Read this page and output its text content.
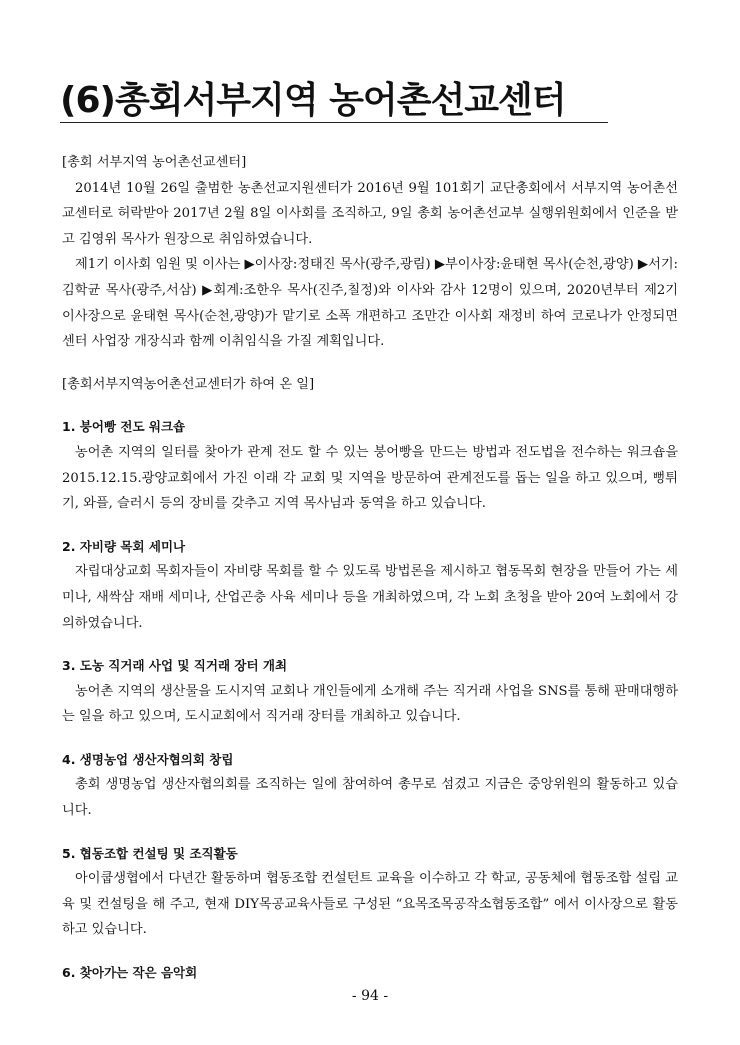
(6)총회서부지역 농어촌선교센터

[총회 서부지역 농어촌선교센터]

2014년 10월 26일 출범한 농촌선교지원센터가 2016년 9월 101회기 교단총회에서 서부지역 농어촌선교센터로 허락받아 2017년 2월 8일 이사회를 조직하고, 9일 총회 농어촌선교부 실행위원회에서 인준을 받고 김영위 목사가 원장으로 취임하였습니다.

제1기 이사회 임원 및 이사는 ▶이사장:정태진 목사(광주,광림) ▶부이사장:윤태현 목사(순천,광양) ▶서기:김학균 목사(광주,서삼) ▶회계:조한우 목사(진주,칠정)와 이사와 감사 12명이 있으며, 2020년부터 제2기 이사장으로 윤태현 목사(순천,광양)가 맡기로 소폭 개편하고 조만간 이사회 재정비 하여 코로나가 안정되면 센터 사업장 개장식과 함께 이취임식을 가질 계획입니다.

[총회서부지역농어촌선교센터가 하여 온 일]

1. 붕어빵 전도 워크숍

농어촌 지역의 일터를 찾아가 관계 전도 할 수 있는 붕어빵을 만드는 방법과 전도법을 전수하는 워크숍을 2015.12.15.광양교회에서 가진 이래 각 교회 및 지역을 방문하여 관계전도를 돕는 일을 하고 있으며, 뻥튀기, 와플, 슬러시 등의 장비를 갖추고 지역 목사님과 동역을 하고 있습니다.

2. 자비량 목회 세미나

자립대상교회 목회자들이 자비량 목회를 할 수 있도록 방법론을 제시하고 협동목회 현장을 만들어 가는 세미나, 새싹삼 재배 세미나, 산업곤충 사육 세미나 등을 개최하였으며, 각 노회 초청을 받아 20여 노회에서 강의하였습니다.

3. 도농 직거래 사업 및 직거래 장터 개최

농어촌 지역의 생산물을 도시지역 교회나 개인들에게 소개해 주는 직거래 사업을 SNS를 통해 판매대행하는 일을 하고 있으며, 도시교회에서 직거래 장터를 개최하고 있습니다.

4. 생명농업 생산자협의회 창립

총회 생명농업 생산자협의회를 조직하는 일에 참여하여 총무로 섬겼고 지금은 중앙위원의 활동하고 있습니다.

5. 협동조합 컨설팅 및 조직활동

아이쿱생협에서 다년간 활동하며 협동조합 컨설턴트 교육을 이수하고 각 학교, 공동체에 협동조합 설립 교육 및 컨설팅을 해 주고, 현재 DIY목공교육사들로 구성된 “요목조목공작소협동조합” 에서 이사장으로 활동하고 있습니다.

6. 찾아가는 작은 음악회

- 94 -
